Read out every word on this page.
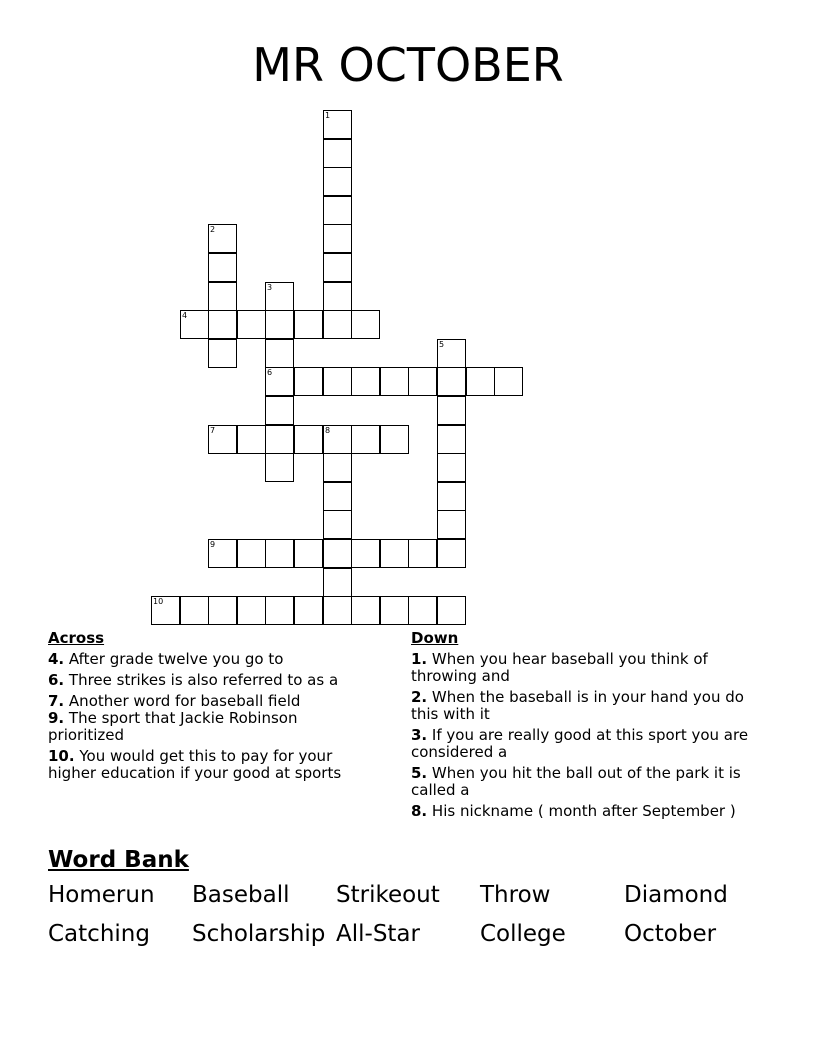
MR OCTOBER
1
2
3
6
4
5
7	8
9
10
Across
4. After grade twelve you go to
6. Three strikes is also referred to as a
7. Another word for baseball field
9. The sport that Jackie Robinson prioritized
10. You would get this to pay for your higher education if your good at sports
Down
1. When you hear baseball you think of throwing and
2. When the baseball is in your hand you do this with it
3. If you are really good at this sport you are considered a
5. When you hit the ball out of the park it is called a
8. His nickname ( month after September )
Word Bank
Homerun Baseball Strikeout Throw	Diamond
Catching Scholarship All-Star	College	October
